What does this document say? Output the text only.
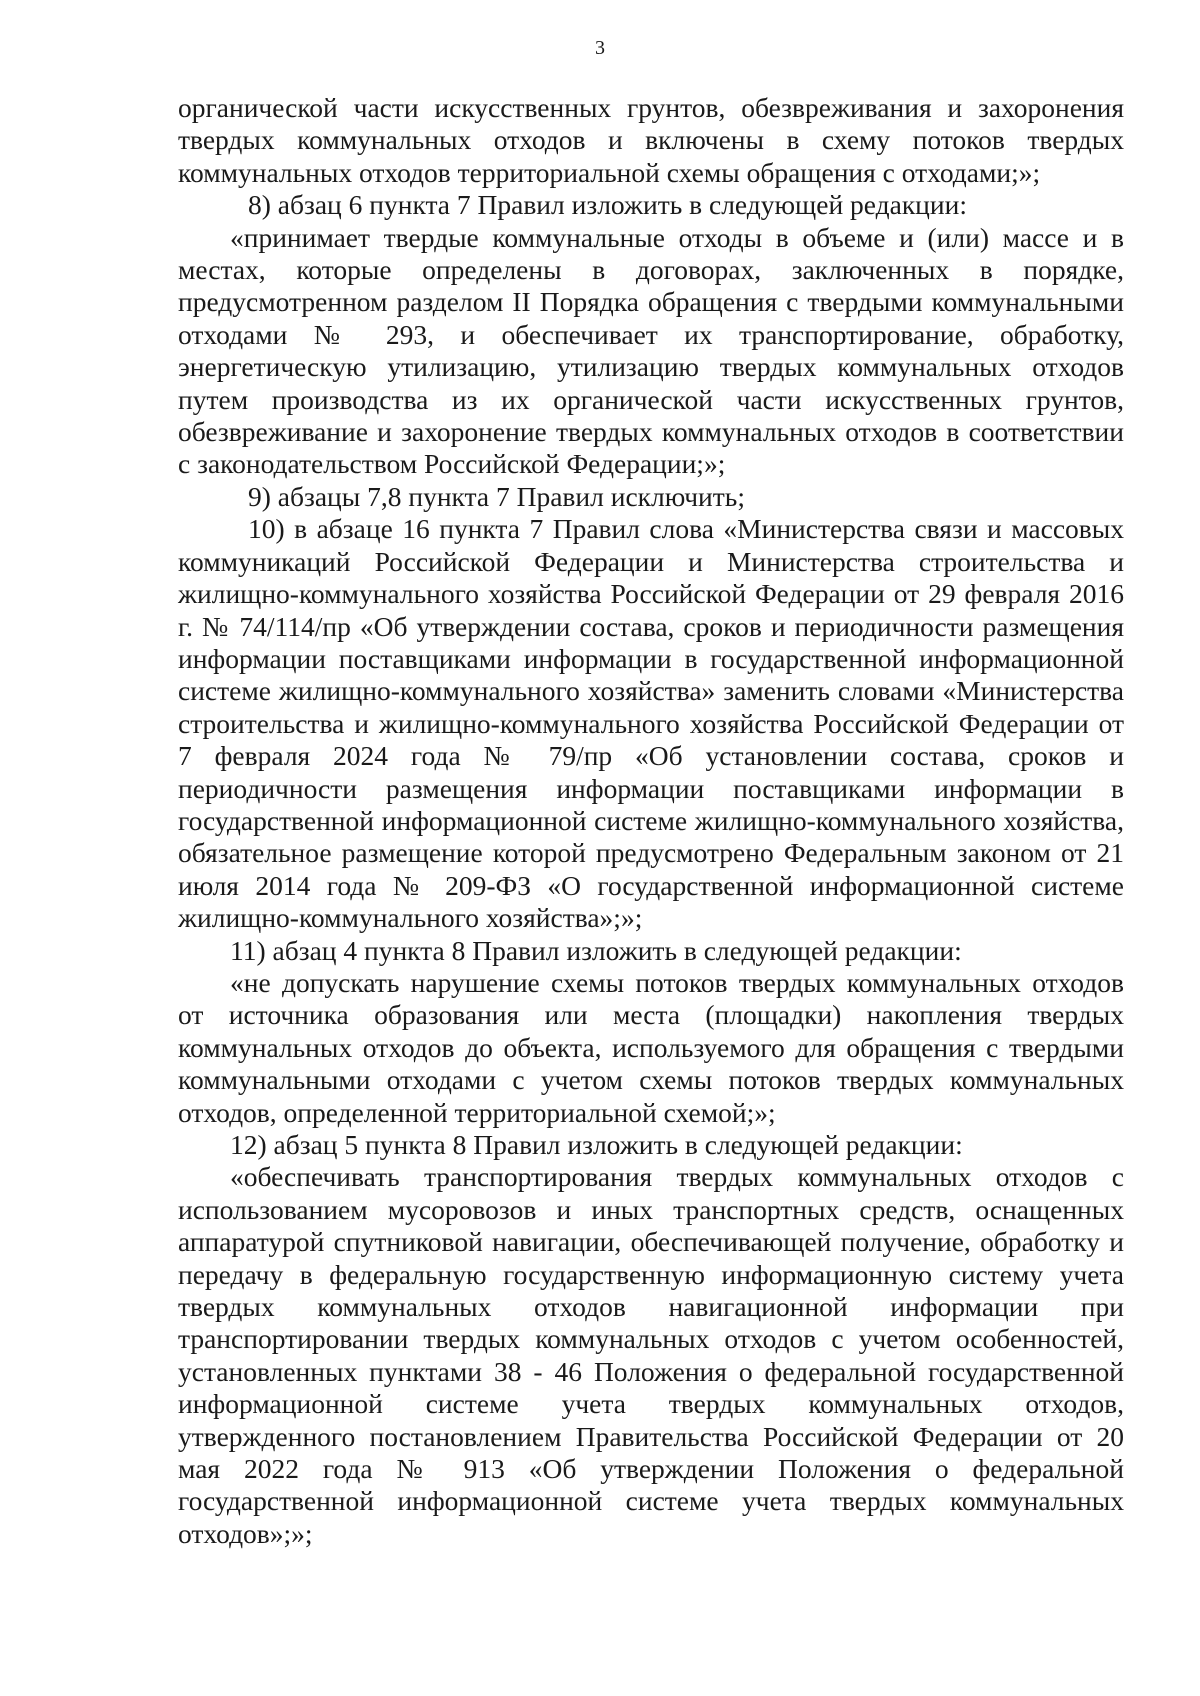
3

органической части искусственных грунтов, обезвреживания и захоронения твердых коммунальных отходов и включены в схему потоков твердых коммунальных отходов территориальной схемы обращения с отходами;»;

8) абзац 6 пункта 7 Правил изложить в следующей редакции:

«принимает твердые коммунальные отходы в объеме и (или) массе и в местах, которые определены в договорах, заключенных в порядке, предусмотренном разделом II Порядка обращения с твердыми коммунальными отходами № 293, и обеспечивает их транспортирование, обработку, энергетическую утилизацию, утилизацию твердых коммунальных отходов путем производства из их органической части искусственных грунтов, обезвреживание и захоронение твердых коммунальных отходов в соответствии с законодательством Российской Федерации;»;

9) абзацы 7,8 пункта 7 Правил исключить;

10) в абзаце 16 пункта 7 Правил слова «Министерства связи и массовых коммуникаций Российской Федерации и Министерства строительства и жилищно-коммунального хозяйства Российской Федерации от 29 февраля 2016 г. № 74/114/пр «Об утверждении состава, сроков и периодичности размещения информации поставщиками информации в государственной информационной системе жилищно-коммунального хозяйства» заменить словами «Министерства строительства и жилищно-коммунального хозяйства Российской Федерации от 7 февраля 2024 года № 79/пр «Об установлении состава, сроков и периодичности размещения информации поставщиками информации в государственной информационной системе жилищно-коммунального хозяйства, обязательное размещение которой предусмотрено Федеральным законом от 21 июля 2014 года № 209-ФЗ «О государственной информационной системе жилищно-коммунального хозяйства»;»;

11) абзац 4 пункта 8 Правил изложить в следующей редакции:

«не допускать нарушение схемы потоков твердых коммунальных отходов от источника образования или места (площадки) накопления твердых коммунальных отходов до объекта, используемого для обращения с твердыми коммунальными отходами с учетом схемы потоков твердых коммунальных отходов, определенной территориальной схемой;»;

12) абзац 5 пункта 8 Правил изложить в следующей редакции:

«обеспечивать транспортирования твердых коммунальных отходов с использованием мусоровозов и иных транспортных средств, оснащенных аппаратурой спутниковой навигации, обеспечивающей получение, обработку и передачу в федеральную государственную информационную систему учета твердых коммунальных отходов навигационной информации при транспортировании твердых коммунальных отходов с учетом особенностей, установленных пунктами 38 - 46 Положения о федеральной государственной информационной системе учета твердых коммунальных отходов, утвержденного постановлением Правительства Российской Федерации от 20 мая 2022 года № 913 «Об утверждении Положения о федеральной государственной информационной системе учета твердых коммунальных отходов»;»;
